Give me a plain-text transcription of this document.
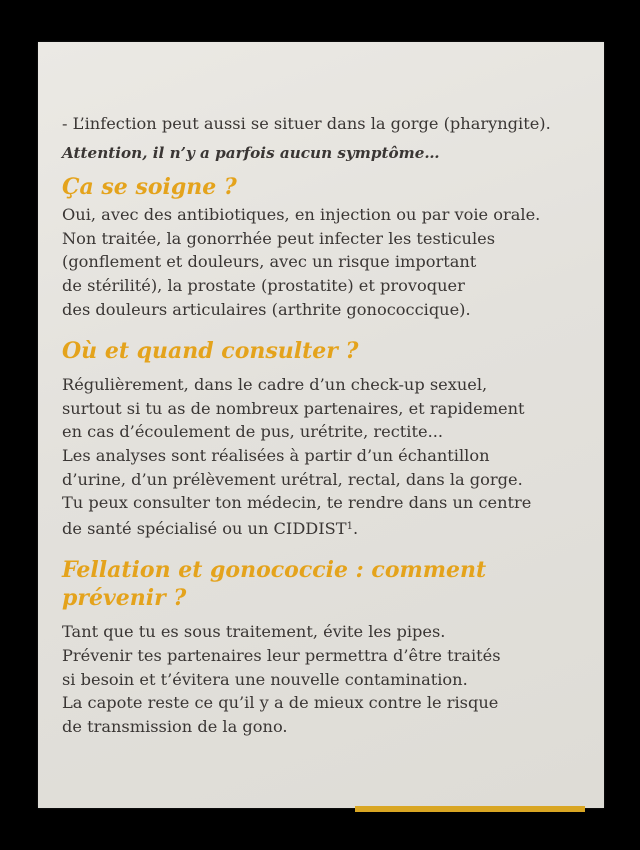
- L’infection peut aussi se situer dans la gorge (pharyngite).

Attention, il n’y a parfois aucun symptôme…

Ça se soigne ?

Oui, avec des antibiotiques, en injection ou par voie orale.

Non traitée, la gonorrhée peut infecter les testicules

(gonflement et douleurs, avec un risque important

de stérilité), la prostate (prostatite) et provoquer

des douleurs articulaires (arthrite gonococcique).

Où et quand consulter ?

Régulièrement, dans le cadre d’un check-up sexuel,

surtout si tu as de nombreux partenaires, et rapidement

en cas d’écoulement de pus, urétrite, rectite...

Les analyses sont réalisées à partir d’un échantillon

d’urine, d’un prélèvement urétral, rectal, dans la gorge.

Tu peux consulter ton médecin, te rendre dans un centre

de santé spécialisé ou un CIDDIST$^1$.

Fellation et gonococcie : comment prévenir ?

Tant que tu es sous traitement, évite les pipes.

Prévenir tes partenaires leur permettra d’être traités

si besoin et t’évitera une nouvelle contamination.

La capote reste ce qu’il y a de mieux contre le risque

de transmission de la gono.
